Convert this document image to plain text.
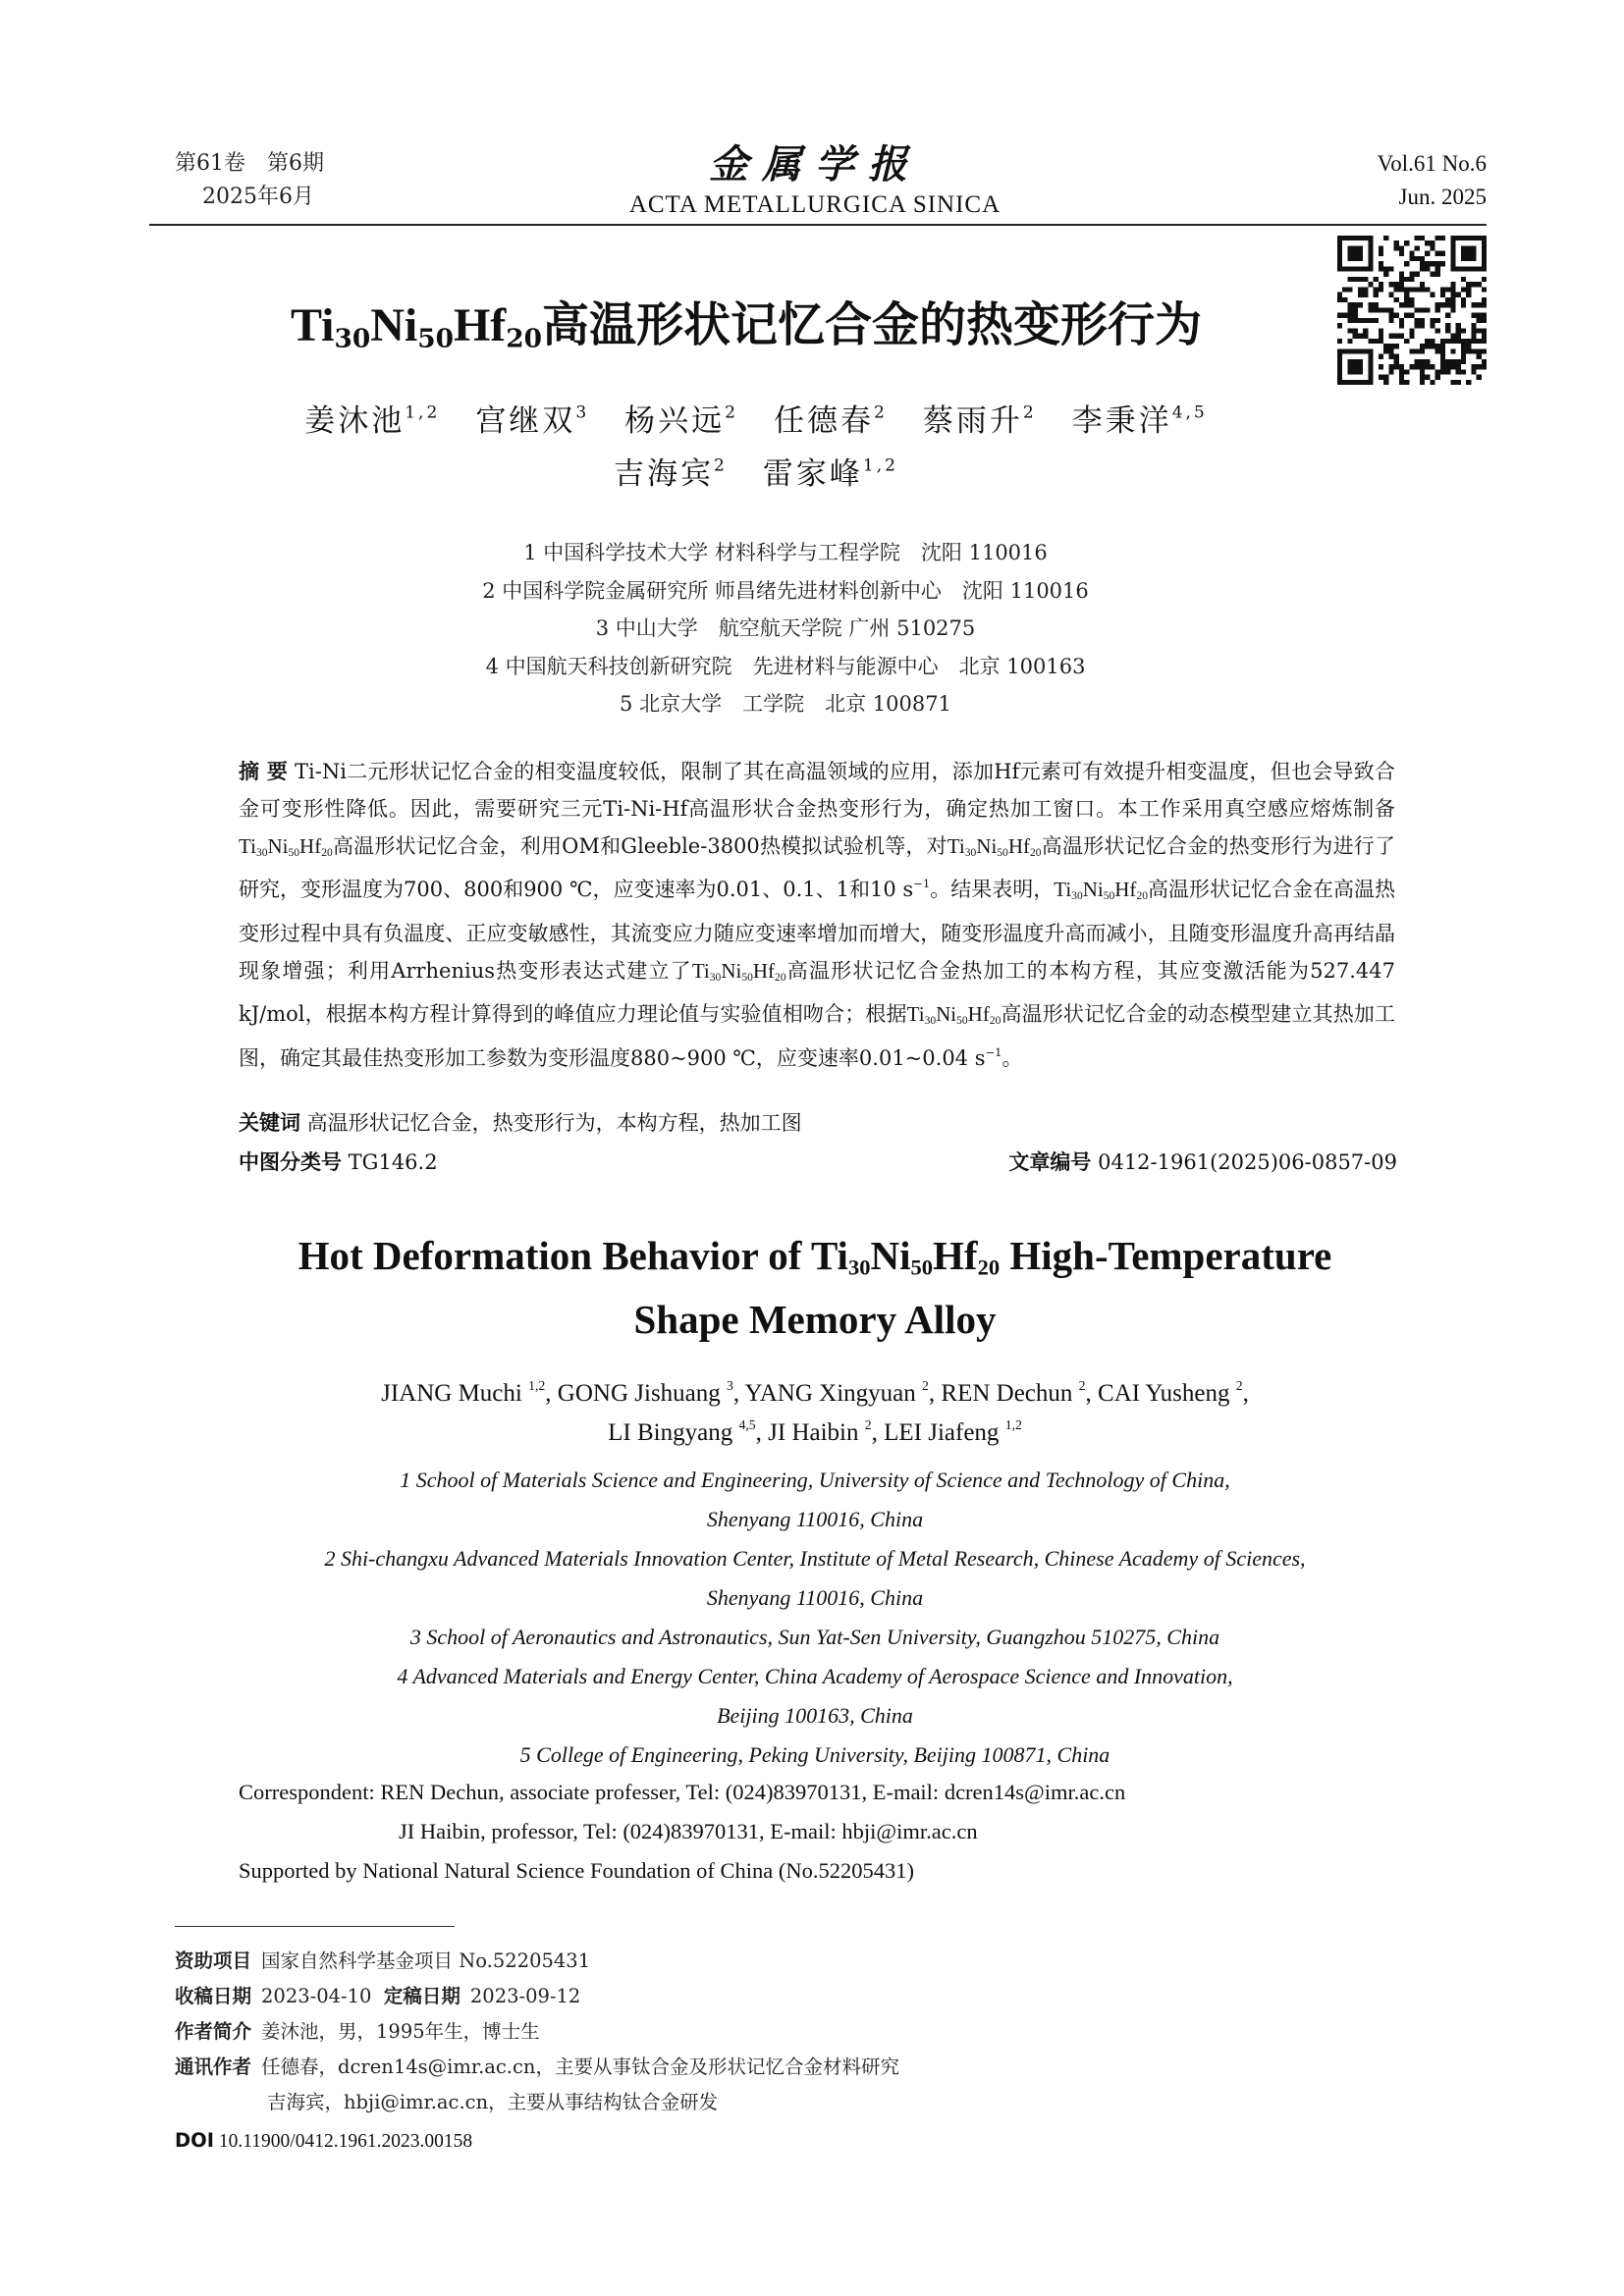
第61卷　第6期
2025年6月
金属学报
ACTA METALLURGICA SINICA
Vol.61 No.6
Jun. 2025
$Ti_{30}Ni_{50}Hf_{20}$高温形状记忆合金的热变形行为
姜沐池$^{1,2}$ 宫继双$^3$ 杨兴远$^2$ 任德春$^2$ 蔡雨升$^2$ 李秉洋$^{4,5}$
吉海宾$^2$ 雷家峰$^{1,2}$
1 中国科学技术大学 材料科学与工程学院　沈阳 110016
2 中国科学院金属研究所 师昌绪先进材料创新中心　沈阳 110016
3 中山大学　航空航天学院 广州 510275
4 中国航天科技创新研究院　先进材料与能源中心　北京 100163
5 北京大学　工学院　北京 100871
摘 要 Ti-Ni二元形状记忆合金的相变温度较低，限制了其在高温领域的应用，添加Hf元素可有效提升相变温度，但也会导致合金可变形性降低。因此，需要研究三元Ti-Ni-Hf高温形状合金热变形行为，确定热加工窗口。本工作采用真空感应熔炼制备$Ti_{30}Ni_{50}Hf_{20}$高温形状记忆合金，利用OM和Gleeble-3800热模拟试验机等，对$Ti_{30}Ni_{50}Hf_{20}$高温形状记忆合金的热变形行为进行了研究，变形温度为700、800和900 ℃，应变速率为0.01、0.1、1和10 $s^{-1}$。结果表明，$Ti_{30}Ni_{50}Hf_{20}$高温形状记忆合金在高温热变形过程中具有负温度、正应变敏感性，其流变应力随应变速率增加而增大，随变形温度升高而减小，且随变形温度升高再结晶现象增强；利用Arrhenius热变形表达式建立了$Ti_{30}Ni_{50}Hf_{20}$高温形状记忆合金热加工的本构方程，其应变激活能为527.447 kJ/mol，根据本构方程计算得到的峰值应力理论值与实验值相吻合；根据$Ti_{30}Ni_{50}Hf_{20}$高温形状记忆合金的动态模型建立其热加工图，确定其最佳热变形加工参数为变形温度880~900 ℃，应变速率0.01~0.04 $s^{-1}$。
关键词 高温形状记忆合金，热变形行为，本构方程，热加工图
中图分类号 TG146.2	文章编号 0412-1961(2025)06-0857-09
Hot Deformation Behavior of $Ti_{30}Ni_{50}Hf_{20}$ High-Temperature
Shape Memory Alloy
JIANG Muchi $^{1,2}$, GONG Jishuang $^3$, YANG Xingyuan $^2$, REN Dechun $^2$, CAI Yusheng $^2$,
LI Bingyang $^{4,5}$, JI Haibin $^2$, LEI Jiafeng $^{1,2}$
1 School of Materials Science and Engineering, University of Science and Technology of China,
Shenyang 110016, China
2 Shi-changxu Advanced Materials Innovation Center, Institute of Metal Research, Chinese Academy of Sciences,
Shenyang 110016, China
3 School of Aeronautics and Astronautics, Sun Yat-Sen University, Guangzhou 510275, China
4 Advanced Materials and Energy Center, China Academy of Aerospace Science and Innovation,
Beijing 100163, China
5 College of Engineering, Peking University, Beijing 100871, China
Correspondent: REN Dechun, associate professer, Tel: (024)83970131, E-mail: dcren14s@imr.ac.cn
JI Haibin, professor, Tel: (024)83970131, E-mail: hbji@imr.ac.cn
Supported by National Natural Science Foundation of China (No.52205431)
资助项目 国家自然科学基金项目 No.52205431
收稿日期 2023-04-10 定稿日期 2023-09-12
作者简介 姜沐池，男，1995年生，博士生
通讯作者 任德春，dcren14s@imr.ac.cn，主要从事钛合金及形状记忆合金材料研究
吉海宾，hbji@imr.ac.cn，主要从事结构钛合金研发
DOI 10.11900/0412.1961.2023.00158
